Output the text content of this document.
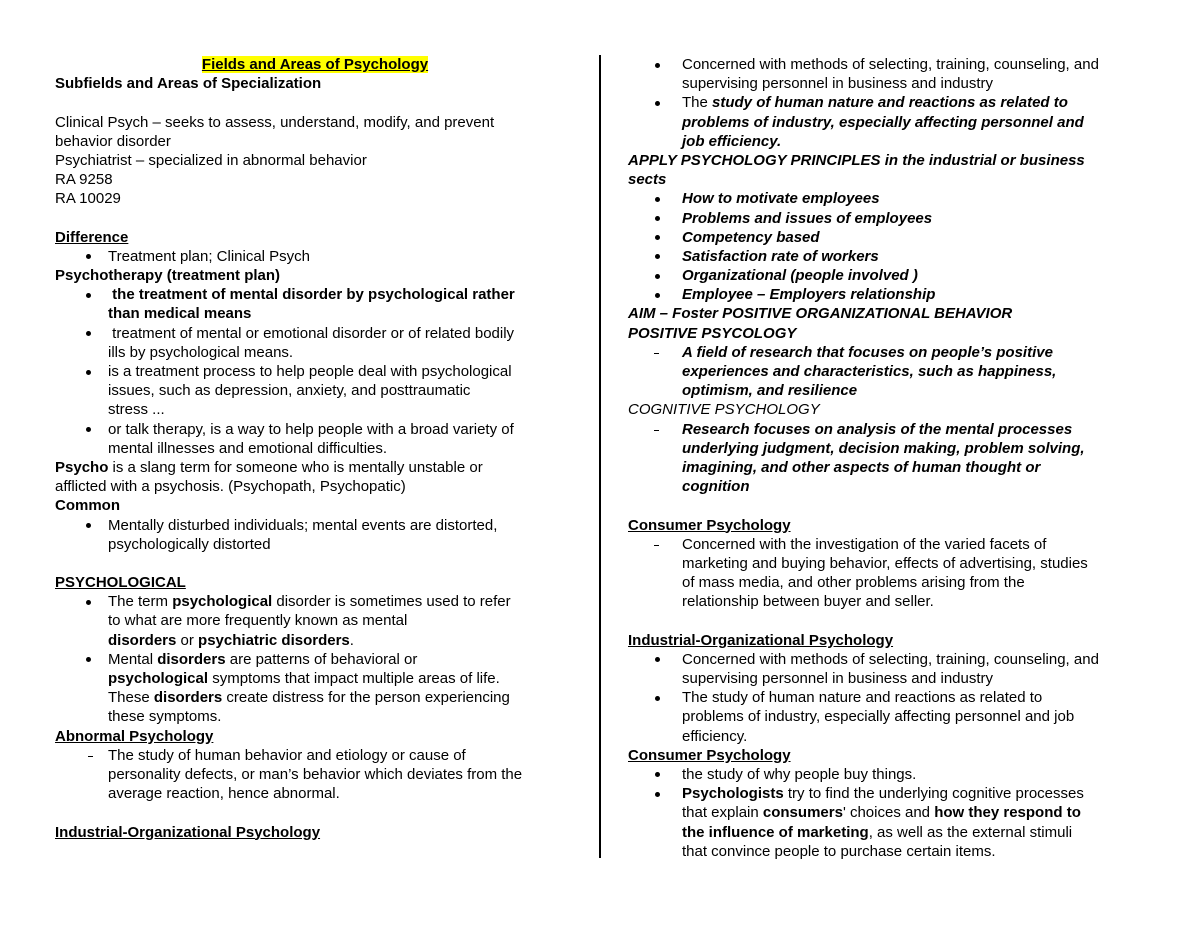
Fields and Areas of Psychology
Subfields and Areas of Specialization
Clinical Psych – seeks to assess, understand, modify, and prevent
behavior disorder
Psychiatrist – specialized in abnormal behavior
RA 9258
RA 10029
Difference
Treatment plan; Clinical Psych
Psychotherapy (treatment plan)
the treatment of mental disorder by psychological rather
than medical means
treatment of mental or emotional disorder or of related bodily
ills by psychological means.
is a treatment process to help people deal with psychological
issues, such as depression, anxiety, and posttraumatic
stress ...
or talk therapy, is a way to help people with a broad variety of
mental illnesses and emotional difficulties.
Psycho is a slang term for someone who is mentally unstable or
afflicted with a psychosis. (Psychopath, Psychopatic)
Common
Mentally disturbed individuals; mental events are distorted,
psychologically distorted
PSYCHOLOGICAL
The term psychological disorder is sometimes used to refer
to what are more frequently known as mental
disorders or psychiatric disorders.
Mental disorders are patterns of behavioral or
psychological symptoms that impact multiple areas of life.
These disorders create distress for the person experiencing
these symptoms.
Abnormal Psychology
The study of human behavior and etiology or cause of
personality defects, or man’s behavior which deviates from the
average reaction, hence abnormal.
Industrial-Organizational Psychology
Concerned with methods of selecting, training, counseling, and
supervising personnel in business and industry
The study of human nature and reactions as related to
problems of industry, especially affecting personnel and
job efficiency.
APPLY PSYCHOLOGY PRINCIPLES in the industrial or business
sects
How to motivate employees
Problems and issues of employees
Competency based
Satisfaction rate of workers
Organizational (people involved )
Employee – Employers relationship
AIM – Foster POSITIVE ORGANIZATIONAL BEHAVIOR
POSITIVE PSYCOLOGY
A field of research that focuses on people’s positive
experiences and characteristics, such as happiness,
optimism, and resilience
COGNITIVE PSYCHOLOGY
Research focuses on analysis of the mental processes
underlying judgment, decision making, problem solving,
imagining, and other aspects of human thought or
cognition
Consumer Psychology
Concerned with the investigation of the varied facets of
marketing and buying behavior, effects of advertising, studies
of mass media, and other problems arising from the
relationship between buyer and seller.
Industrial-Organizational Psychology
Concerned with methods of selecting, training, counseling, and
supervising personnel in business and industry
The study of human nature and reactions as related to
problems of industry, especially affecting personnel and job
efficiency.
Consumer Psychology
the study of why people buy things.
Psychologists try to find the underlying cognitive processes
that explain consumers' choices and how they respond to
the influence of marketing, as well as the external stimuli
that convince people to purchase certain items.
